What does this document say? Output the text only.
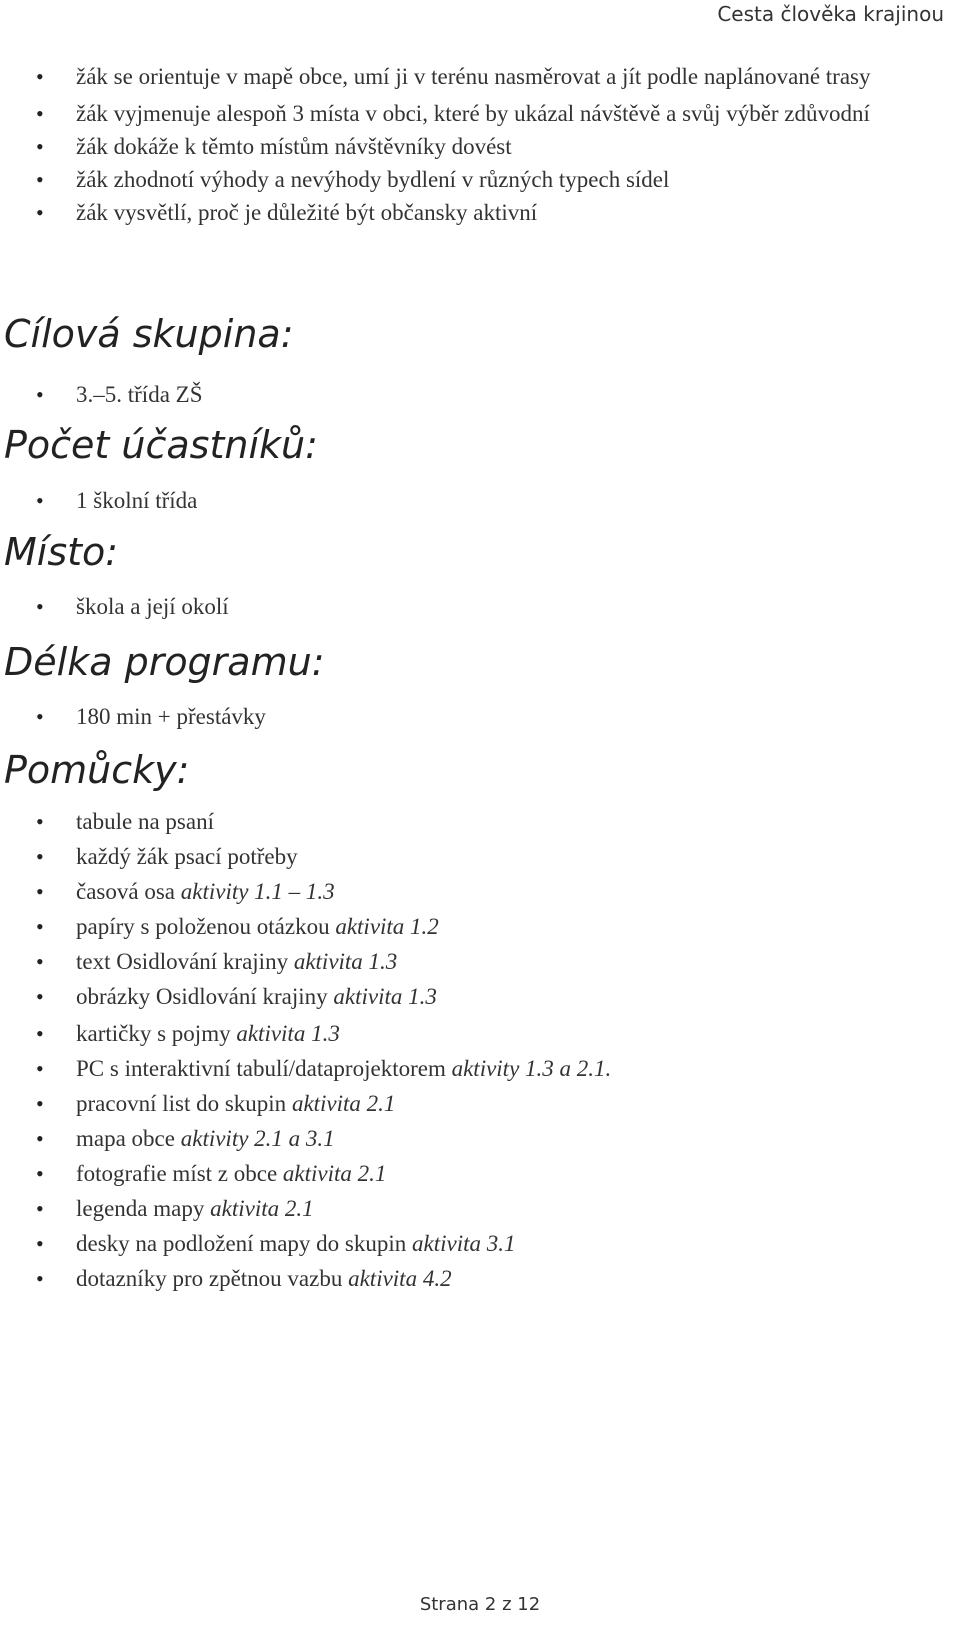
Cesta člověka krajinou
• žák se orientuje v mapě obce, umí ji v terénu nasměrovat a jít podle naplánované trasy
• žák vyjmenuje alespoň 3 místa v obci, které by ukázal návštěvě a svůj výběr zdůvodní
• žák dokáže k těmto místům návštěvníky dovést
• žák zhodnotí výhody a nevýhody bydlení v různých typech sídel
• žák vysvětlí, proč je důležité být občansky aktivní
Cílová skupina:
• 3.–5. třída ZŠ
Počet účastníků:
• 1 školní třída
Místo:
• škola a její okolí
Délka programu:
• 180 min + přestávky
Pomůcky:
• tabule na psaní
• každý žák psací potřeby
• časová osa aktivity 1.1 – 1.3
• papíry s položenou otázkou aktivita 1.2
• text Osidlování krajiny aktivita 1.3
• obrázky Osidlování krajiny aktivita 1.3
• kartičky s pojmy aktivita 1.3
• PC s interaktivní tabulí/dataprojektorem aktivity 1.3 a 2.1.
• pracovní list do skupin aktivita 2.1
• mapa obce aktivity 2.1 a 3.1
• fotografie míst z obce aktivita 2.1
• legenda mapy aktivita 2.1
• desky na podložení mapy do skupin aktivita 3.1
• dotazníky pro zpětnou vazbu aktivita 4.2
Strana 2 z 12
